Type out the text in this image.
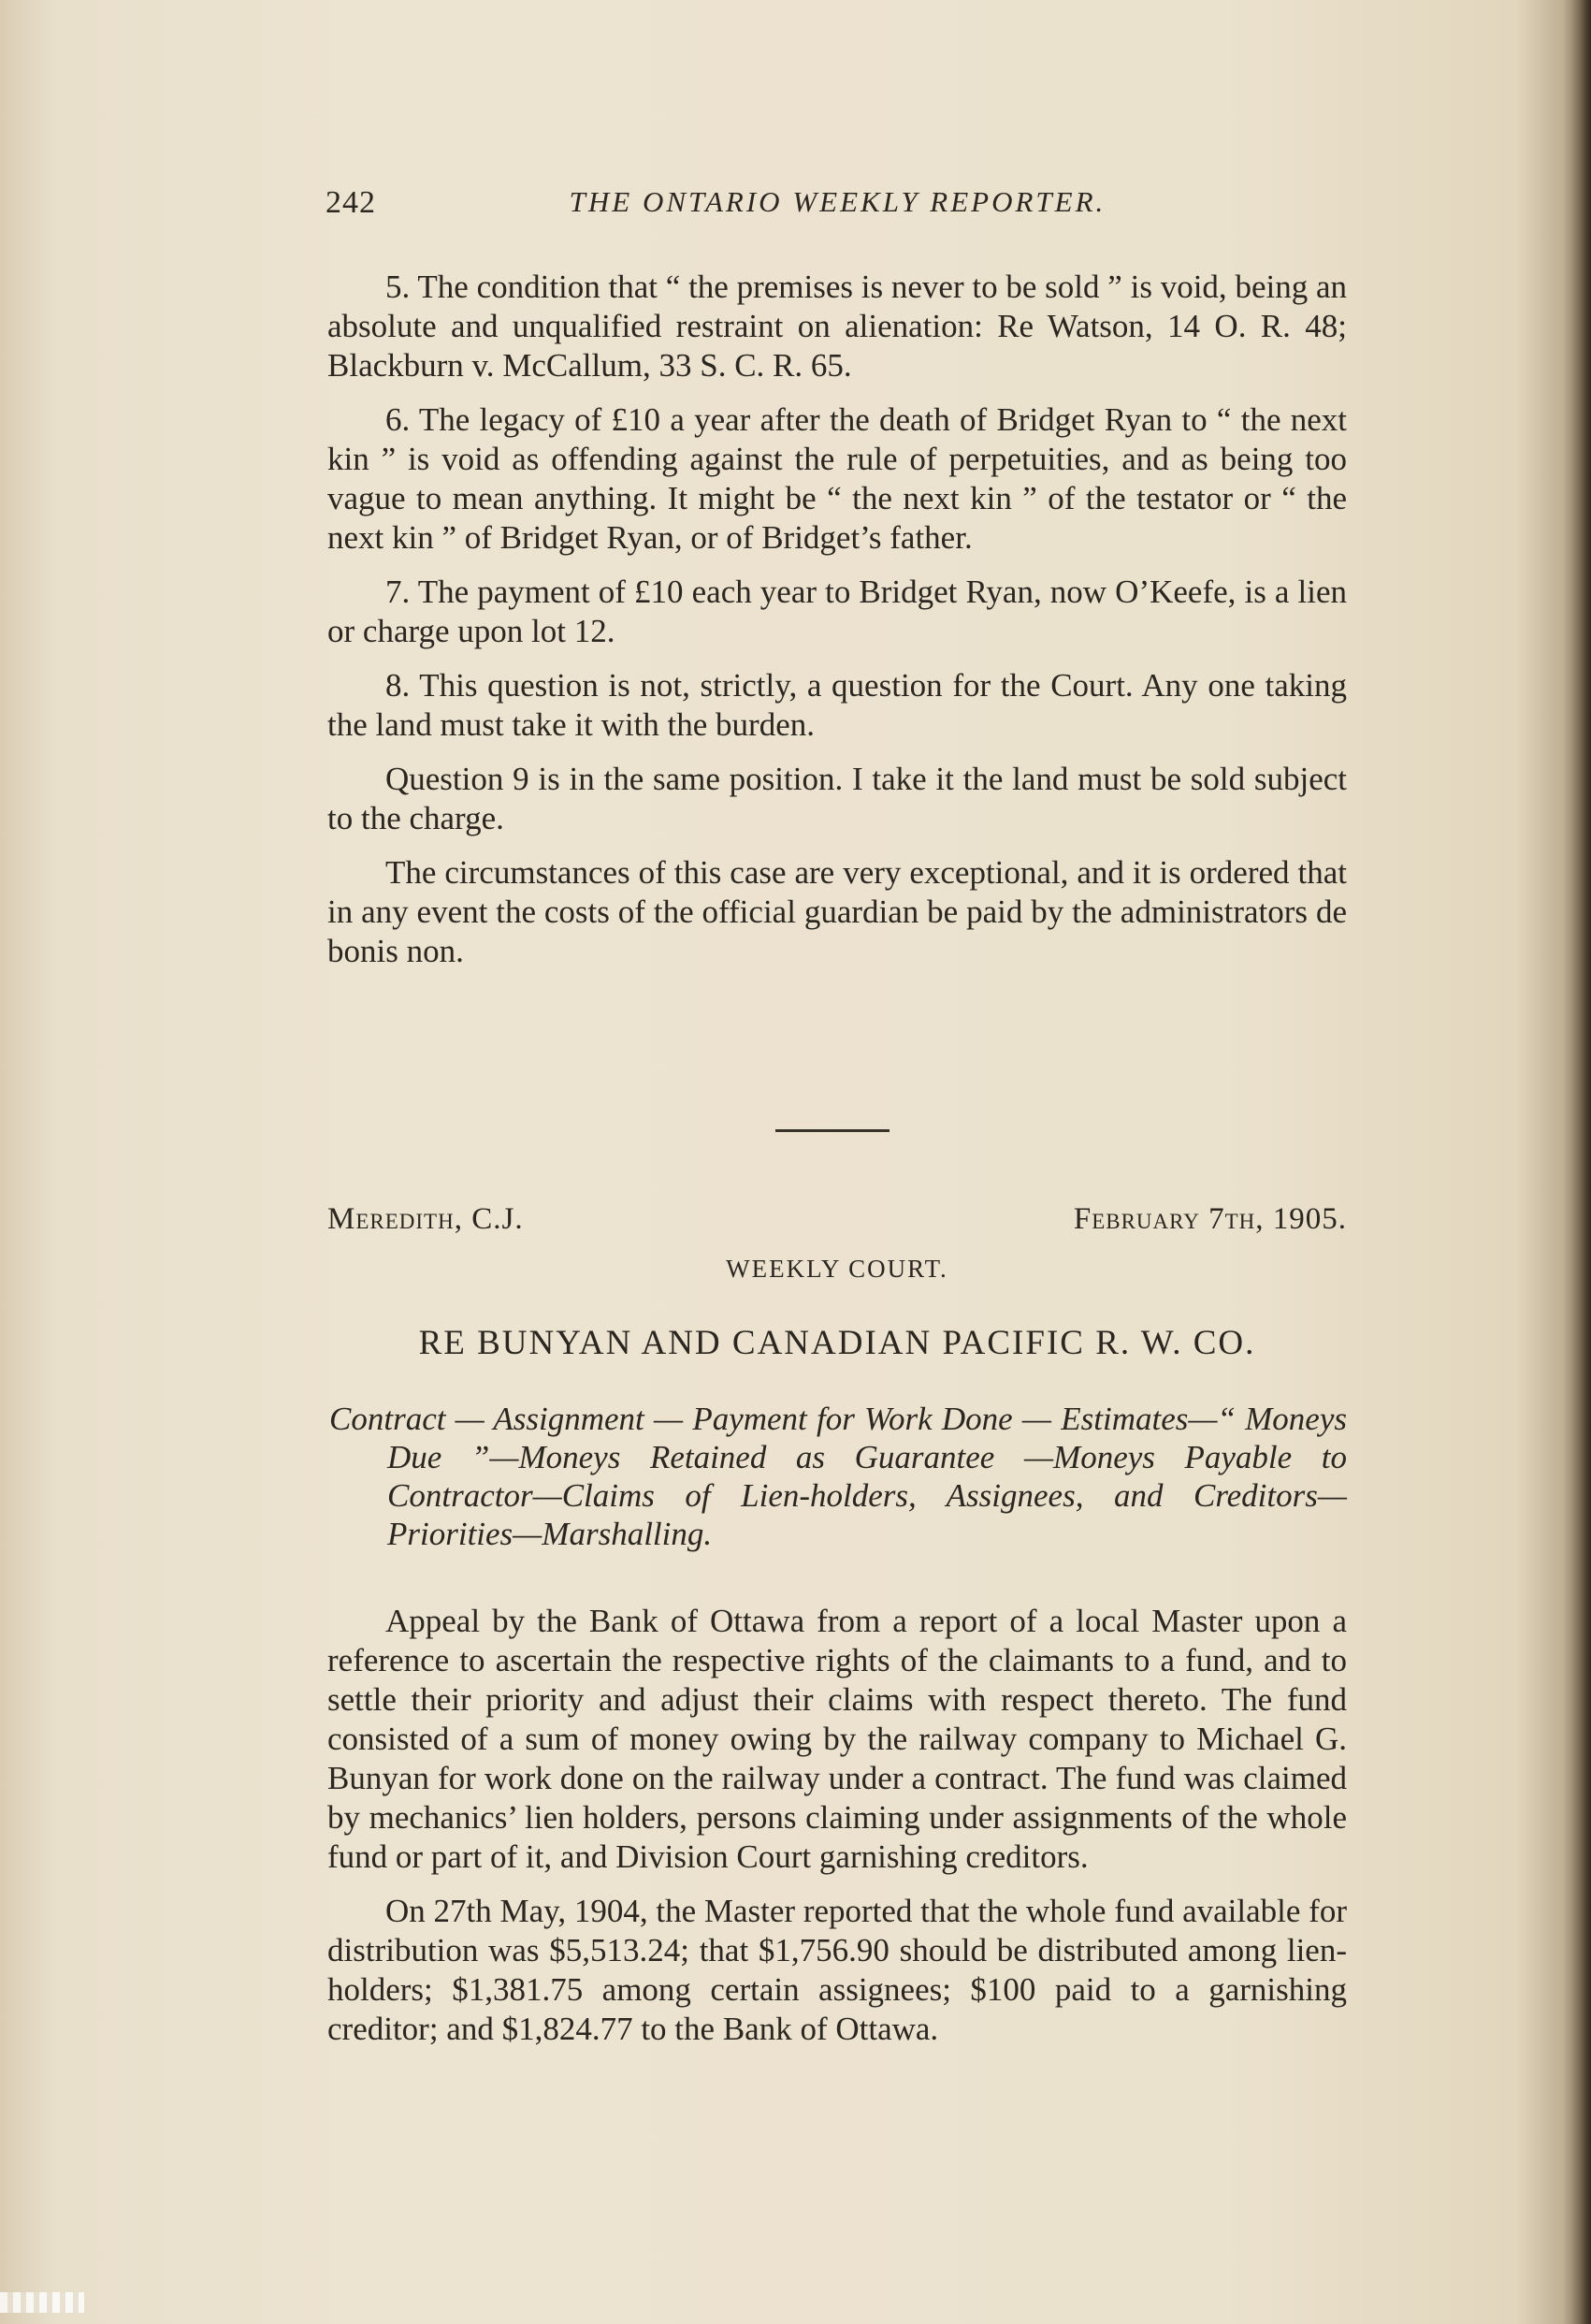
242	THE ONTARIO WEEKLY REPORTER.

5. The condition that “ the premises is never to be sold ” is void, being an absolute and unqualified restraint on alienation: Re Watson, 14 O. R. 48; Blackburn v. McCallum, 33 S. C. R. 65.

6. The legacy of £10 a year after the death of Bridget Ryan to “ the next kin ” is void as offending against the rule of perpetuities, and as being too vague to mean anything. It might be “ the next kin ” of the testator or “ the next kin ” of Bridget Ryan, or of Bridget’s father.

7. The payment of £10 each year to Bridget Ryan, now O’Keefe, is a lien or charge upon lot 12.

8. This question is not, strictly, a question for the Court. Any one taking the land must take it with the burden.

Question 9 is in the same position. I take it the land must be sold subject to the charge.

The circumstances of this case are very exceptional, and it is ordered that in any event the costs of the official guardian be paid by the administrators de bonis non.

Meredith, C.J.	February 7th, 1905.
WEEKLY COURT.
RE BUNYAN AND CANADIAN PACIFIC R. W. CO.
Contract — Assignment — Payment for Work Done — Estimates—“ Moneys Due ”—Moneys Retained as Guarantee —Moneys Payable to Contractor—Claims of Lien-holders, Assignees, and Creditors—Priorities—Marshalling.

Appeal by the Bank of Ottawa from a report of a local Master upon a reference to ascertain the respective rights of the claimants to a fund, and to settle their priority and adjust their claims with respect thereto. The fund consisted of a sum of money owing by the railway company to Michael G. Bunyan for work done on the railway under a contract. The fund was claimed by mechanics’ lien holders, persons claiming under assignments of the whole fund or part of it, and Division Court garnishing creditors.

On 27th May, 1904, the Master reported that the whole fund available for distribution was $5,513.24; that $1,756.90 should be distributed among lien-holders; $1,381.75 among certain assignees; $100 paid to a garnishing creditor; and $1,824.77 to the Bank of Ottawa.
